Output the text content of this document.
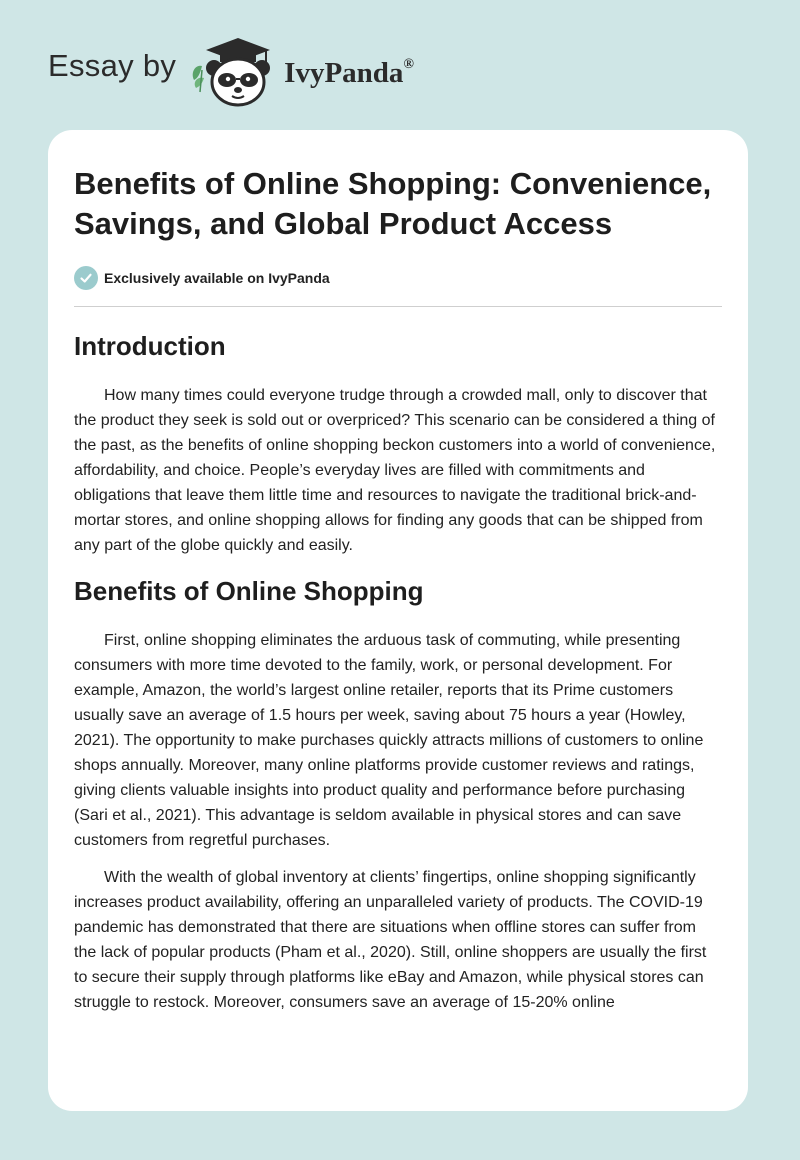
Essay by	IvyPanda®
Benefits of Online Shopping: Convenience, Savings, and Global Product Access
Exclusively available on IvyPanda
Introduction

How many times could everyone trudge through a crowded mall, only to discover that the product they seek is sold out or overpriced? This scenario can be considered a thing of the past, as the benefits of online shopping beckon customers into a world of convenience, affordability, and choice. People’s everyday lives are filled with commitments and obligations that leave them little time and resources to navigate the traditional brick-and-mortar stores, and online shopping allows for finding any goods that can be shipped from any part of the globe quickly and easily.

Benefits of Online Shopping

First, online shopping eliminates the arduous task of commuting, while presenting consumers with more time devoted to the family, work, or personal development. For example, Amazon, the world’s largest online retailer, reports that its Prime customers usually save an average of 1.5 hours per week, saving about 75 hours a year (Howley, 2021). The opportunity to make purchases quickly attracts millions of customers to online shops annually. Moreover, many online platforms provide customer reviews and ratings, giving clients valuable insights into product quality and performance before purchasing (Sari et al., 2021). This advantage is seldom available in physical stores and can save customers from regretful purchases.

With the wealth of global inventory at clients’ fingertips, online shopping significantly increases product availability, offering an unparalleled variety of products. The COVID-19 pandemic has demonstrated that there are situations when offline stores can suffer from the lack of popular products (Pham et al., 2020). Still, online shoppers are usually the first to secure their supply through platforms like eBay and Amazon, while physical stores can struggle to restock. Moreover, consumers save an average of 15-20% online
